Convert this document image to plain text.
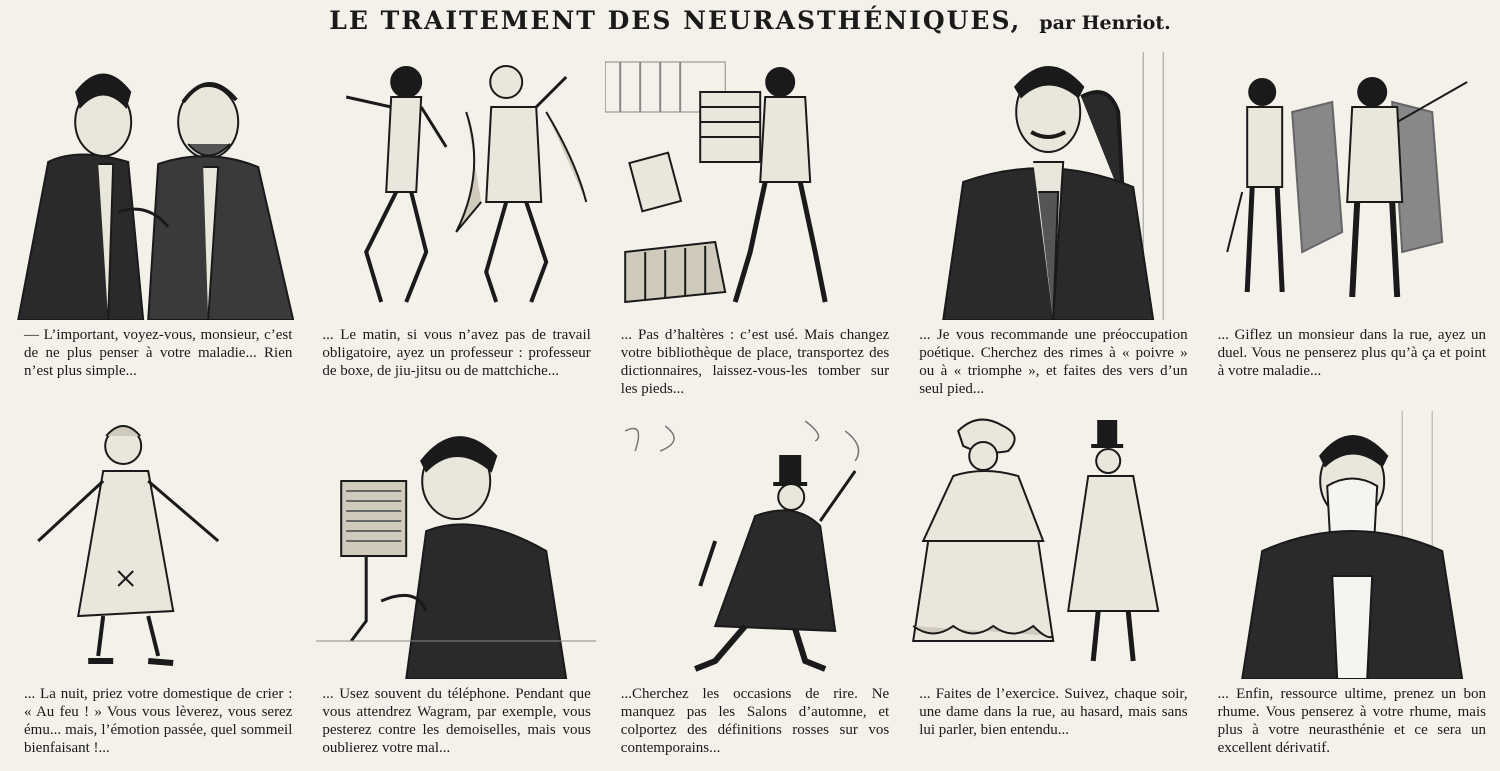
LE TRAITEMENT DES NEURASTHÉNIQUES, par Henriot.
— L’important, voyez-vous, monsieur, c’est de ne plus penser à votre maladie... Rien n’est plus simple...
... Le matin, si vous n’avez pas de travail obligatoire, ayez un professeur : professeur de boxe, de jiu-jitsu ou de mattchiche...
... Pas d’haltères : c’est usé. Mais changez votre bibliothèque de place, transportez des dictionnaires, laissez-vous-les tomber sur les pieds...
... Je vous recommande une préoccupation poétique. Cherchez des rimes à « poivre » ou à « triomphe », et faites des vers d’un seul pied...
... Giflez un monsieur dans la rue, ayez un duel. Vous ne penserez plus qu’à ça et point à votre maladie...
... La nuit, priez votre domestique de crier : « Au feu ! » Vous vous lèverez, vous serez ému... mais, l’émotion passée, quel sommeil bienfaisant !...
... Usez souvent du téléphone. Pendant que vous attendrez Wagram, par exemple, vous pesterez contre les demoiselles, mais vous oublierez votre mal...
...Cherchez les occasions de rire. Ne manquez pas les Salons d’automne, et colportez des définitions rosses sur vos contemporains...
... Faites de l’exercice. Suivez, chaque soir, une dame dans la rue, au hasard, mais sans lui parler, bien entendu...
... Enfin, ressource ultime, prenez un bon rhume. Vous penserez à votre rhume, mais plus à votre neurasthénie et ce sera un excellent dérivatif.
